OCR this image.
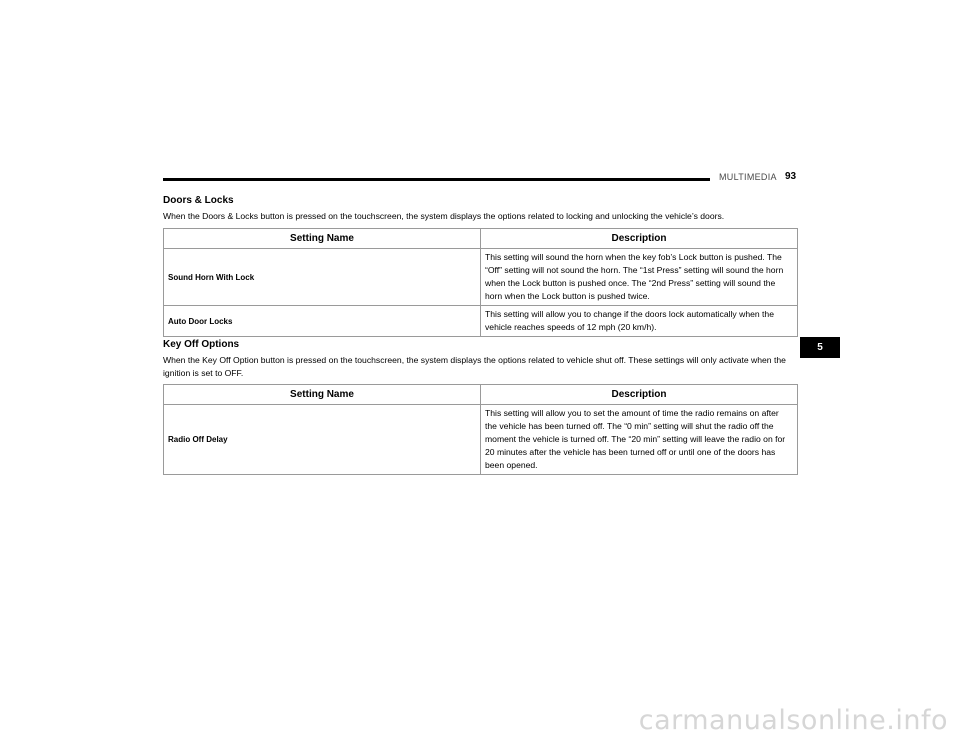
MULTIMEDIA 93
5
Doors & Locks

When the Doors & Locks button is pressed on the touchscreen, the system displays the options related to locking and unlocking the vehicle’s doors.

Setting Name	Description
Sound Horn With Lock	This setting will sound the horn when the key fob’s Lock button is pushed. The “Off” setting will not sound the horn. The “1st Press” setting will sound the horn when the Lock button is pushed once. The “2nd Press” setting will sound the horn when the Lock button is pushed twice.
Auto Door Locks	This setting will allow you to change if the doors lock automatically when the vehicle reaches speeds of 12 mph (20 km/h).
Key Off Options

When the Key Off Option button is pressed on the touchscreen, the system displays the options related to vehicle shut off. These settings will only activate when the ignition is set to OFF.

Setting Name	Description
Radio Off Delay	This setting will allow you to set the amount of time the radio remains on after the vehicle has been turned off. The “0 min” setting will shut the radio off the moment the vehicle is turned off. The “20 min” setting will leave the radio on for 20 minutes after the vehicle has been turned off or until one of the doors has been opened.
carmanualsonline.info
